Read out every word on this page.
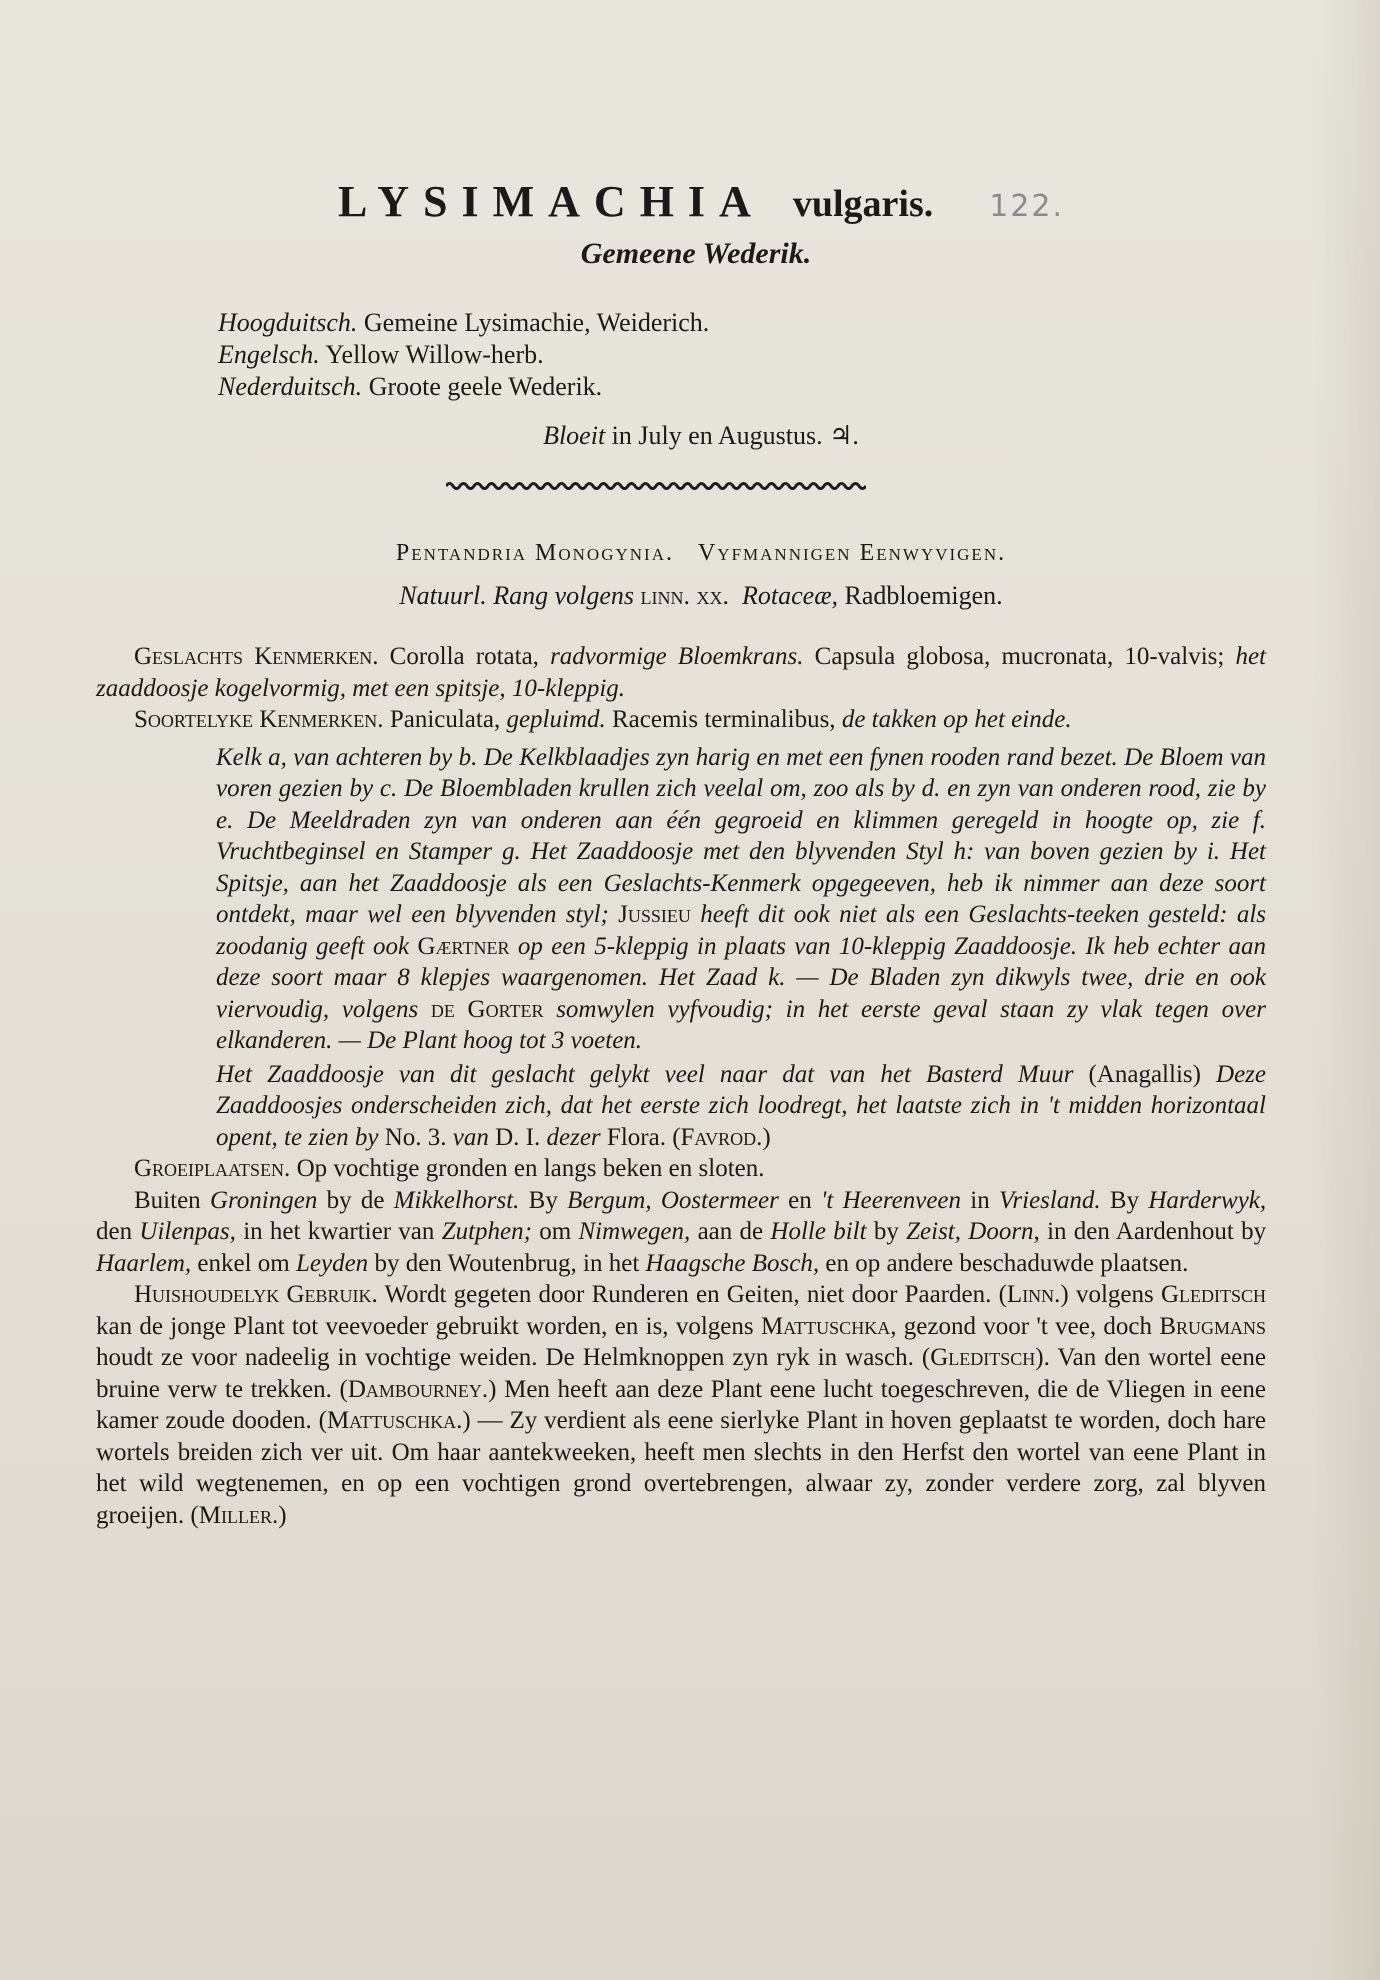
LYSIMACHIA vulgaris. 122.
Gemeene Wederik.
Hoogduitsch. Gemeine Lysimachie, Weiderich.
Engelsch. Yellow Willow-herb.
Nederduitsch. Groote geele Wederik.
Bloeit in July en Augustus. ♃.
Pentandria Monogynia. Vyfmannigen Eenwyvigen.
Natuurl. Rang volgens linn. xx. Rotaceæ, Radbloemigen.

Geslachts Kenmerken. Corolla rotata, radvormige Bloemkrans. Capsula globosa, mucronata, 10-valvis; het zaaddoosje kogelvormig, met een spitsje, 10-kleppig.

Soortelyke Kenmerken. Paniculata, gepluimd. Racemis terminalibus, de takken op het einde.

Kelk a, van achteren by b. De Kelkblaadjes zyn harig en met een fynen rooden rand bezet. De Bloem van voren gezien by c. De Bloembladen krullen zich veelal om, zoo als by d. en zyn van onderen rood, zie by e. De Meeldraden zyn van onderen aan één gegroeid en klimmen geregeld in hoogte op, zie f. Vruchtbeginsel en Stamper g. Het Zaaddoosje met den blyvenden Styl h: van boven gezien by i. Het Spitsje, aan het Zaaddoosje als een Geslachts-Kenmerk opgegeeven, heb ik nimmer aan deze soort ontdekt, maar wel een blyvenden styl; Jussieu heeft dit ook niet als een Geslachts-teeken gesteld: als zoodanig geeft ook Gærtner op een 5-kleppig in plaats van 10-kleppig Zaaddoosje. Ik heb echter aan deze soort maar 8 klepjes waargenomen. Het Zaad k. — De Bladen zyn dikwyls twee, drie en ook viervoudig, volgens de Gorter somwylen vyfvoudig; in het eerste geval staan zy vlak tegen over elkanderen. — De Plant hoog tot 3 voeten.

Het Zaaddoosje van dit geslacht gelykt veel naar dat van het Basterd Muur (Anagallis) Deze Zaaddoosjes onderscheiden zich, dat het eerste zich loodregt, het laatste zich in 't midden horizontaal opent, te zien by No. 3. van D. I. dezer Flora. (Favrod.)

Groeiplaatsen. Op vochtige gronden en langs beken en sloten.

Buiten Groningen by de Mikkelhorst. By Bergum, Oostermeer en 't Heerenveen in Vriesland. By Harderwyk, den Uilenpas, in het kwartier van Zutphen; om Nimwegen, aan de Holle bilt by Zeist, Doorn, in den Aardenhout by Haarlem, enkel om Leyden by den Woutenbrug, in het Haagsche Bosch, en op andere beschaduwde plaatsen.

Huishoudelyk Gebruik. Wordt gegeten door Runderen en Geiten, niet door Paarden. (Linn.) volgens Gleditsch kan de jonge Plant tot veevoeder gebruikt worden, en is, volgens Mattuschka, gezond voor 't vee, doch Brugmans houdt ze voor nadeelig in vochtige weiden. De Helmknoppen zyn ryk in wasch. (Gleditsch). Van den wortel eene bruine verw te trekken. (Dambourney.) Men heeft aan deze Plant eene lucht toegeschreven, die de Vliegen in eene kamer zoude dooden. (Mattuschka.) — Zy verdient als eene sierlyke Plant in hoven geplaatst te worden, doch hare wortels breiden zich ver uit. Om haar aantekweeken, heeft men slechts in den Herfst den wortel van eene Plant in het wild wegtenemen, en op een vochtigen grond overtebrengen, alwaar zy, zonder verdere zorg, zal blyven groeijen. (Miller.)
